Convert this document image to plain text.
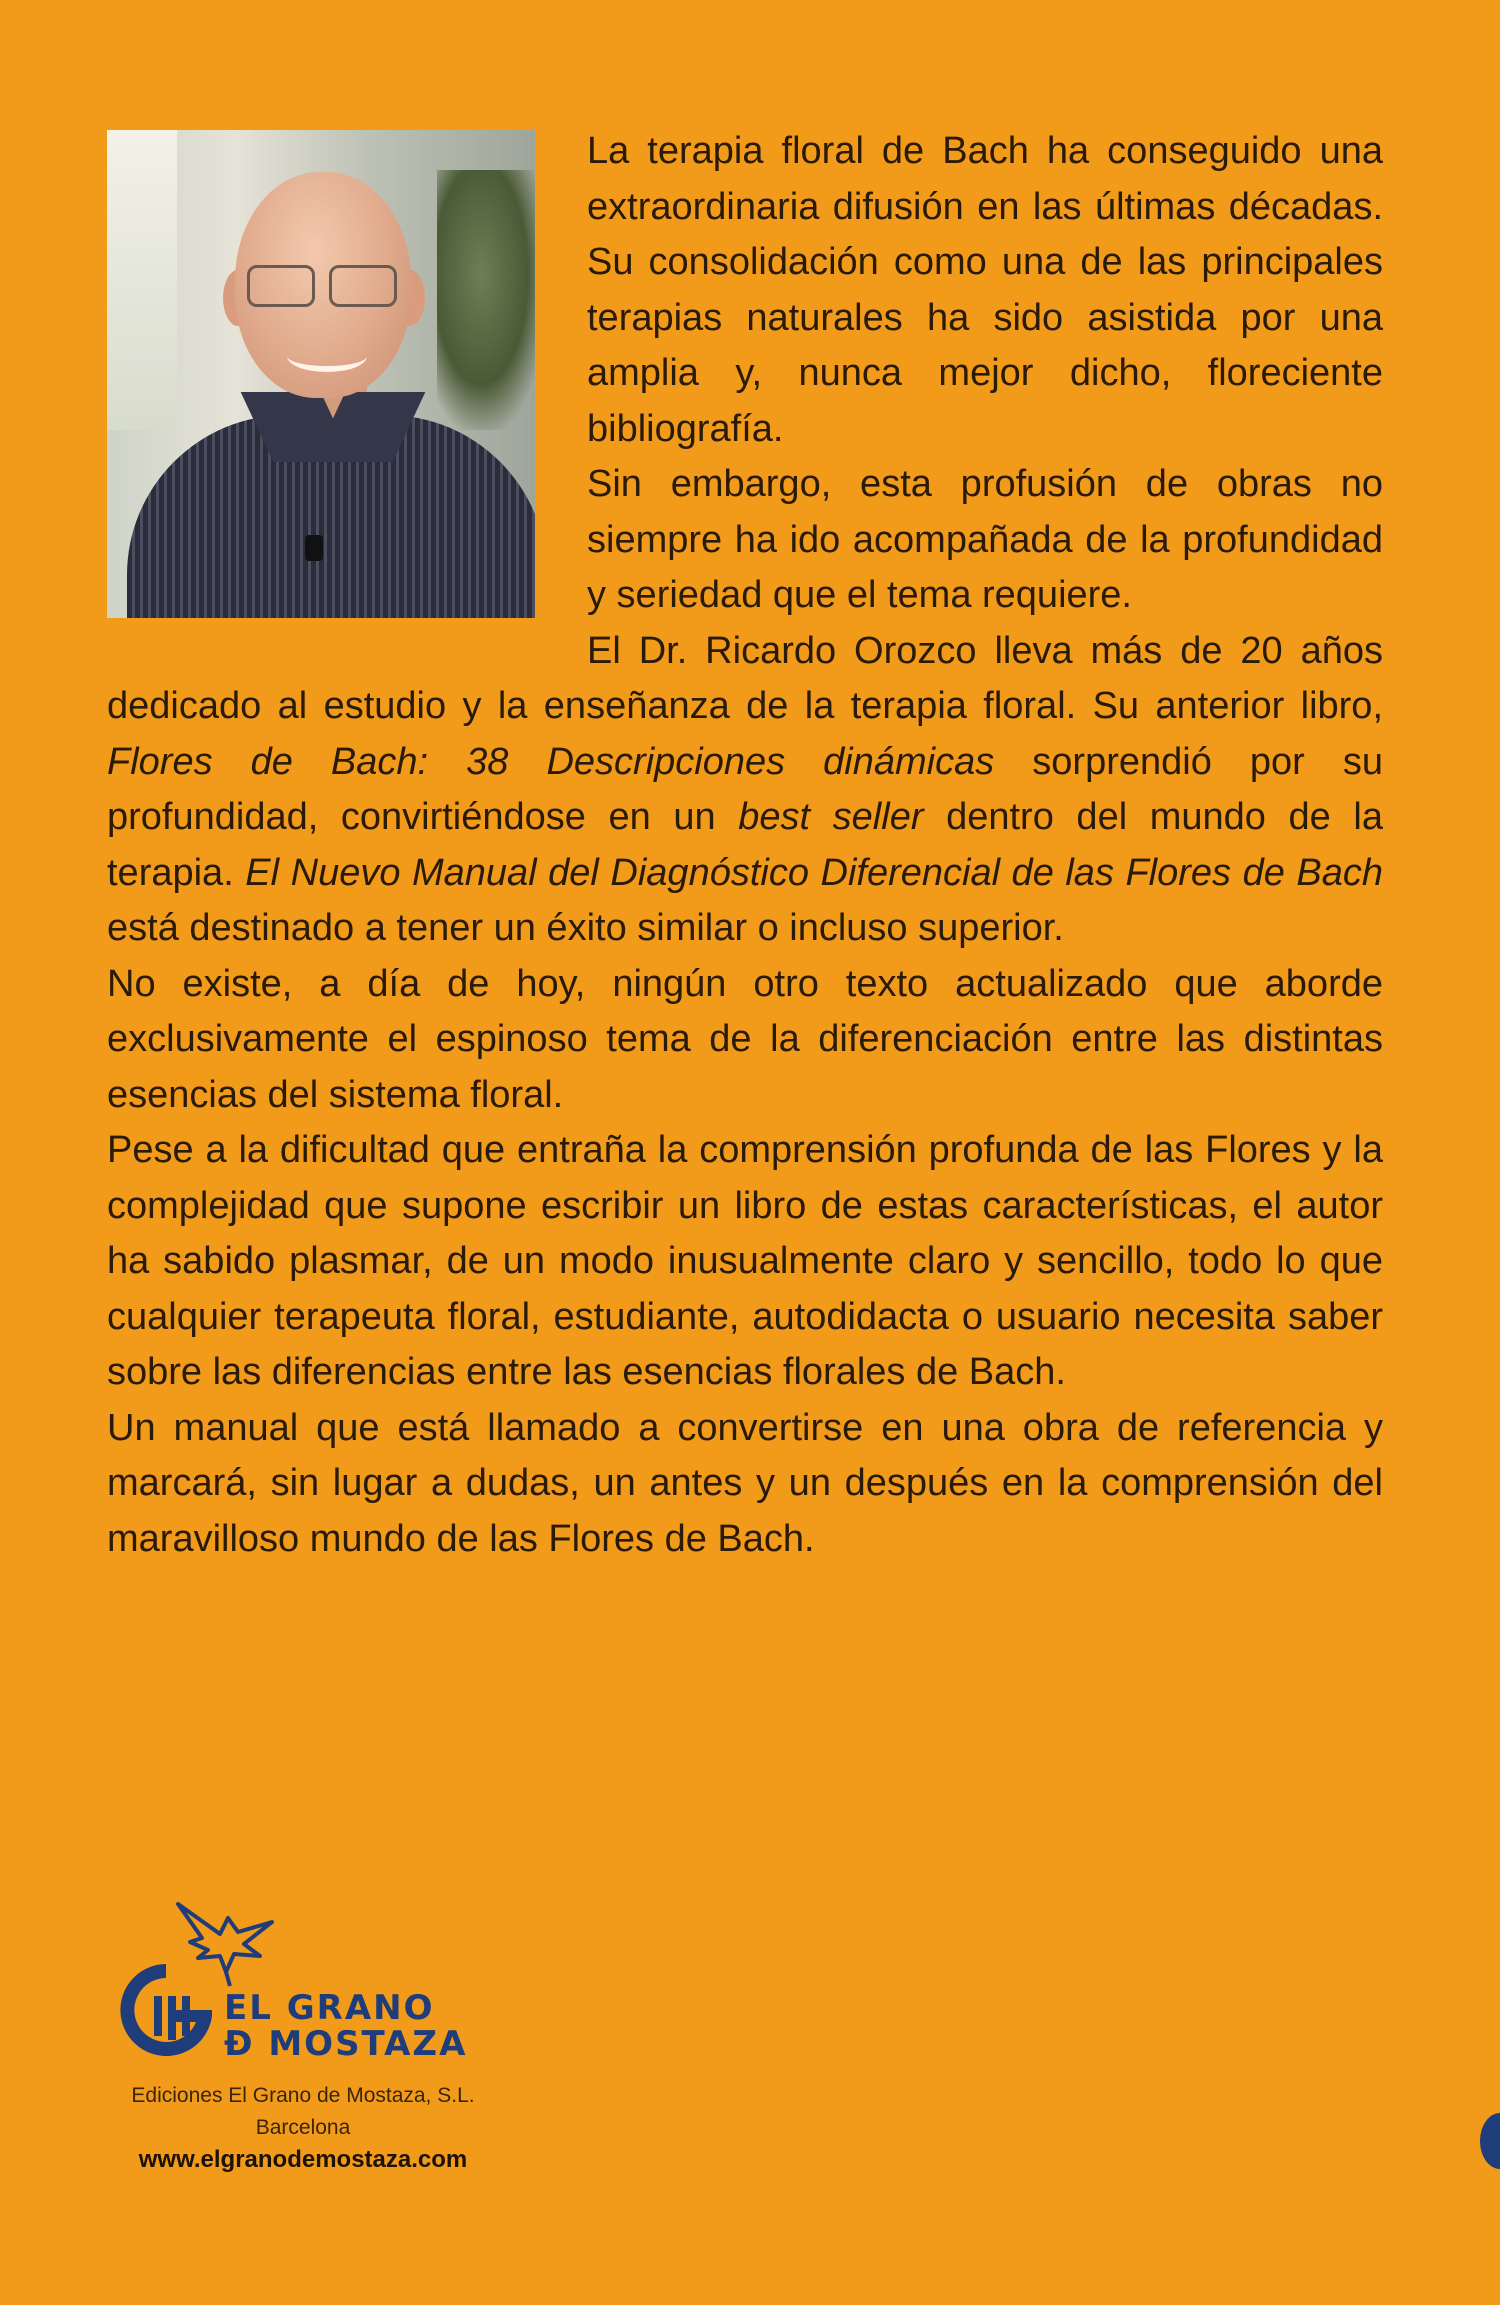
La terapia floral de Bach ha conseguido una extraordinaria difusión en las últimas décadas. Su consolidación como una de las principales terapias naturales ha sido asistida por una amplia y, nunca mejor dicho, floreciente bibliografía.

Sin embargo, esta profusión de obras no siempre ha ido acompañada de la profundidad y seriedad que el tema requiere.

El Dr. Ricardo Orozco lleva más de 20 años dedicado al estudio y la enseñanza de la terapia floral. Su anterior libro, Flores de Bach: 38 Descripciones dinámicas sorprendió por su profundidad, convirtiéndose en un best seller dentro del mundo de la terapia. El Nuevo Manual del Diagnóstico Diferencial de las Flores de Bach está destinado a tener un éxito similar o incluso superior.

No existe, a día de hoy, ningún otro texto actualizado que aborde exclusivamente el espinoso tema de la diferenciación entre las distintas esencias del sistema floral.

Pese a la dificultad que entraña la comprensión profunda de las Flores y la complejidad que supone escribir un libro de estas características, el autor ha sabido plasmar, de un modo inusualmente claro y sencillo, todo lo que cualquier terapeuta floral, estudiante, autodidacta o usuario necesita saber sobre las diferencias entre las esencias florales de Bach.

Un manual que está llamado a convertirse en una obra de referencia y marcará, sin lugar a dudas, un antes y un después en la comprensión del maravilloso mundo de las Flores de Bach.

EL GRANO
Ð MOSTAZA
Ediciones El Grano de Mostaza, S.L.
Barcelona
www.elgranodemostaza.com
